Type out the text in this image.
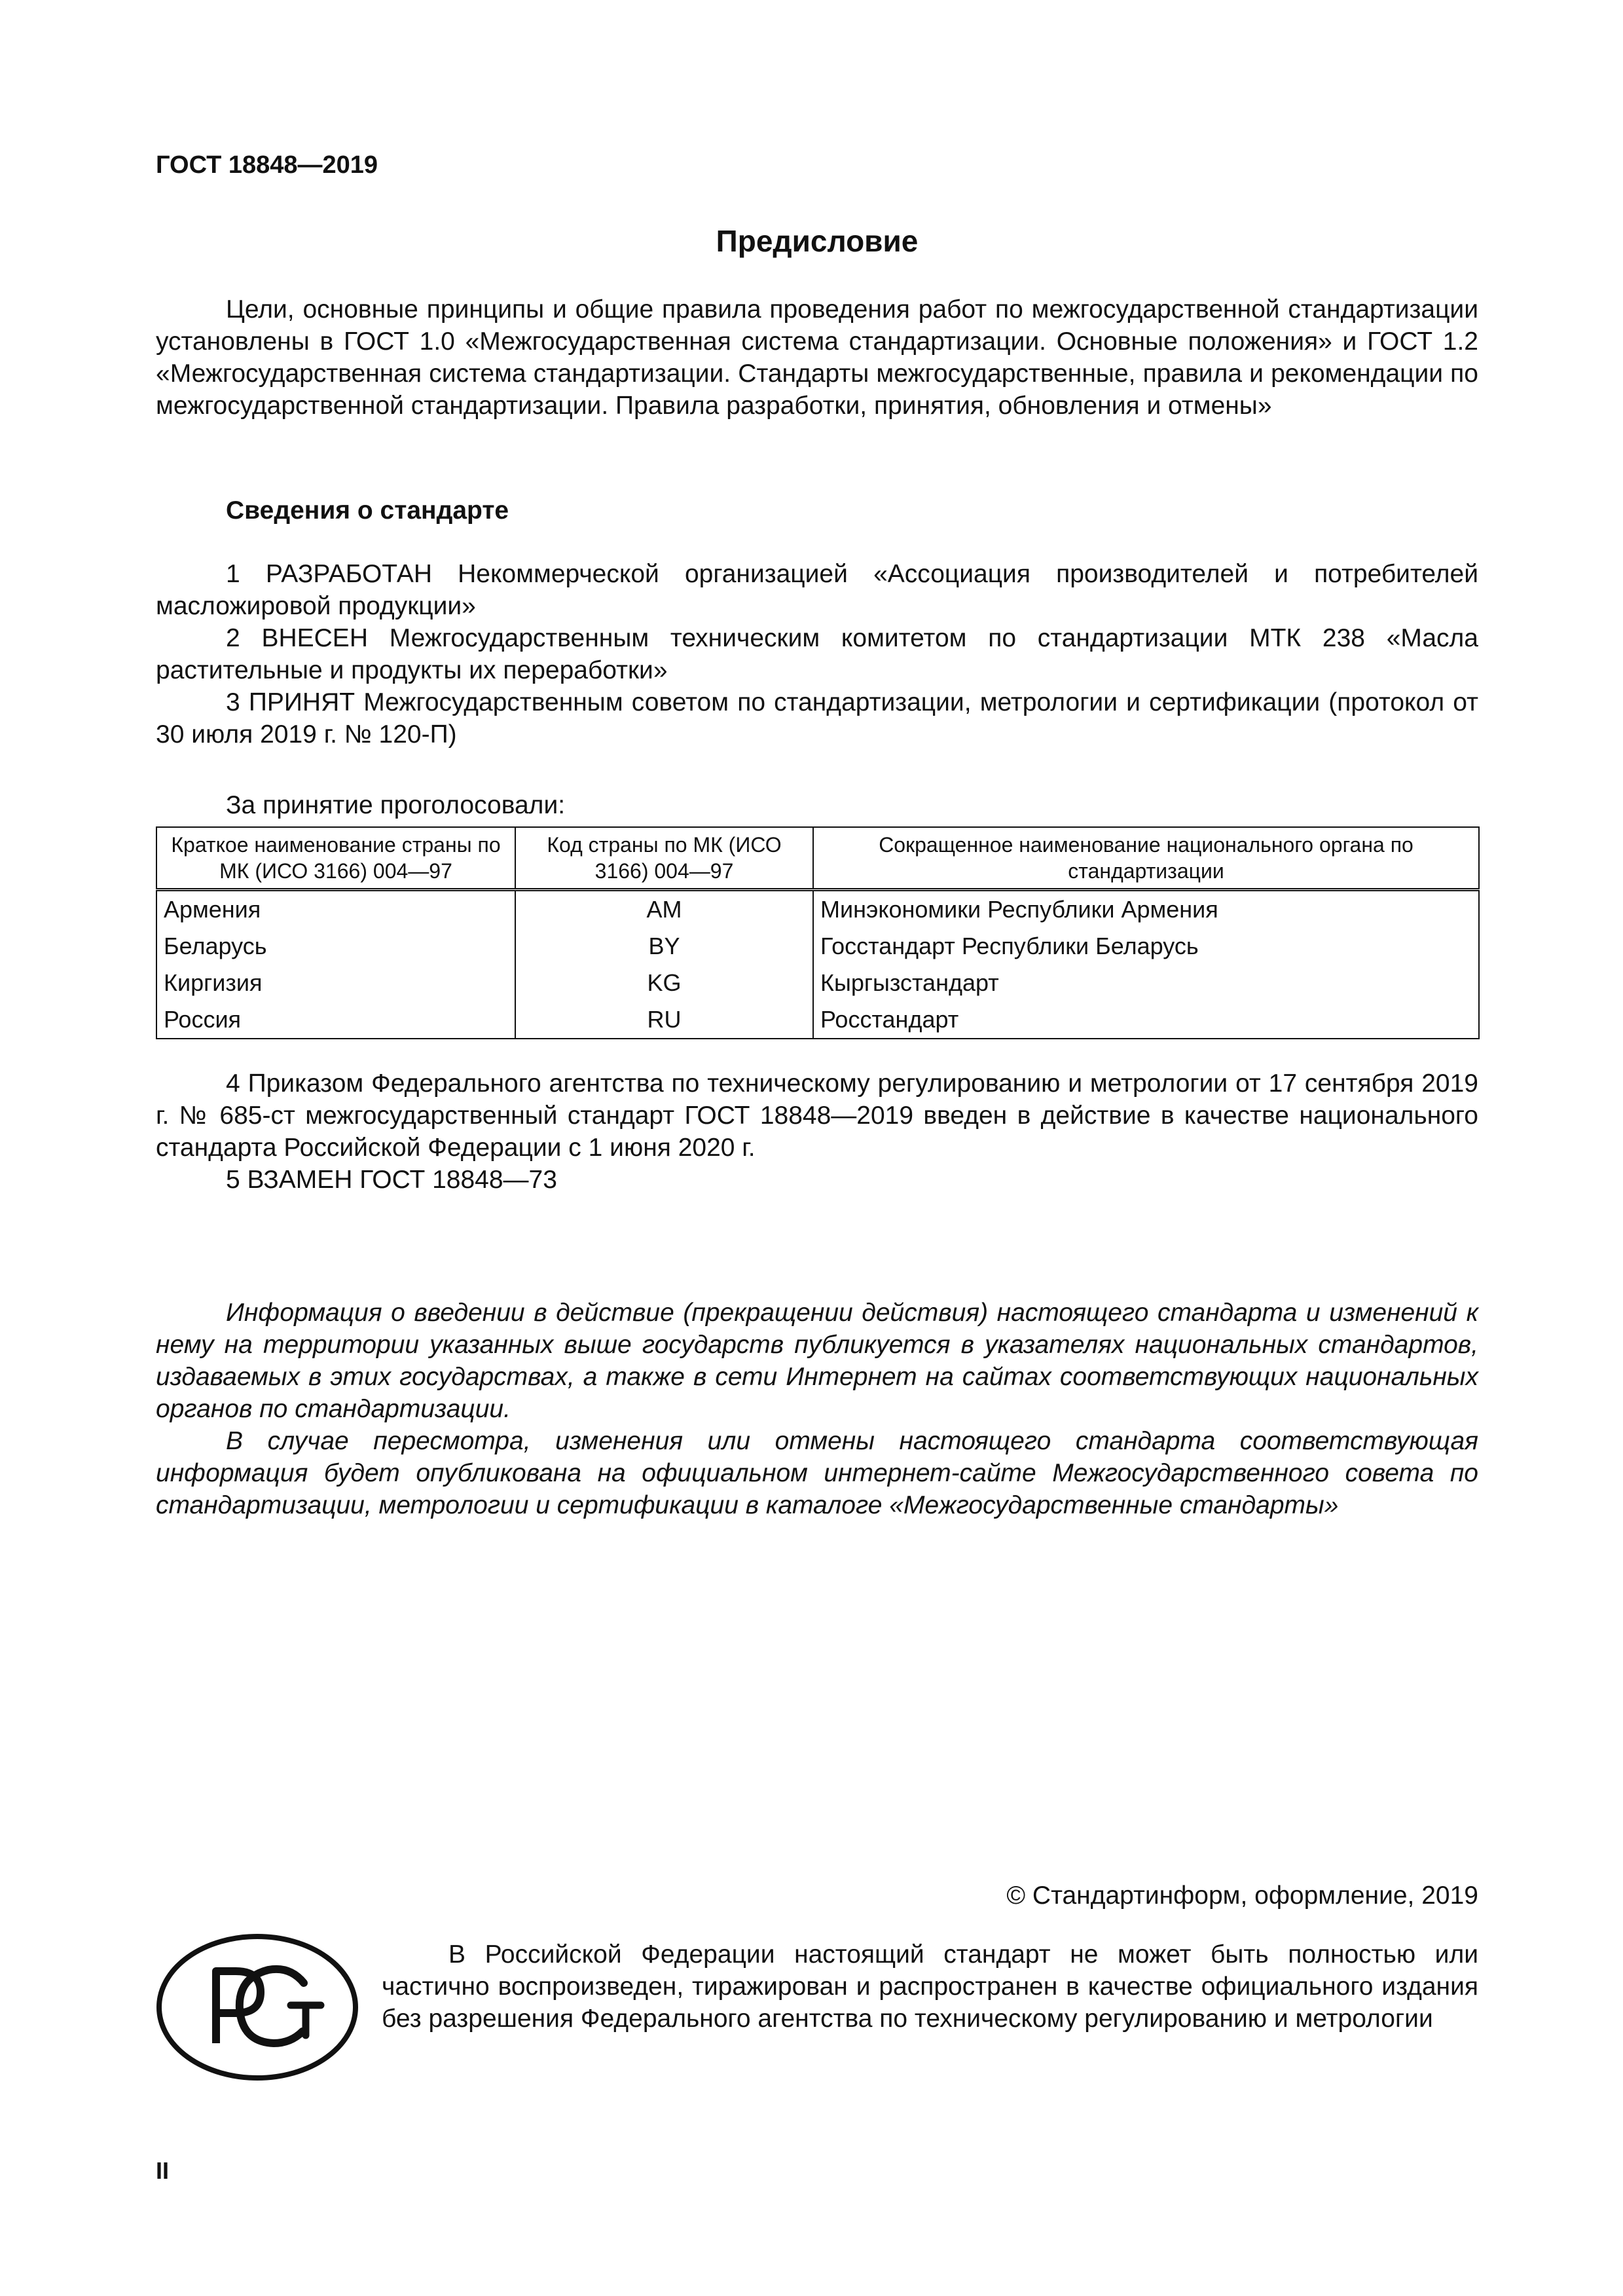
ГОСТ 18848—2019
Предисловие

Цели, основные принципы и общие правила проведения работ по межгосударственной стандартизации установлены в ГОСТ 1.0 «Межгосударственная система стандартизации. Основные положения» и ГОСТ 1.2 «Межгосударственная система стандартизации. Стандарты межгосударственные, правила и рекомендации по межгосударственной стандартизации. Правила разработки, принятия, обновления и отмены»

Сведения о стандарте

1 РАЗРАБОТАН Некоммерческой организацией «Ассоциация производителей и потребителей масложировой продукции»

2 ВНЕСЕН Межгосударственным техническим комитетом по стандартизации МТК 238 «Масла растительные и продукты их переработки»

3 ПРИНЯТ Межгосударственным советом по стандартизации, метрологии и сертификации (протокол от 30 июля 2019 г. № 120-П)

За принятие проголосовали:

Краткое наименование страны по МК (ИСО 3166) 004—97	Код страны по МК (ИСО 3166) 004—97	Сокращенное наименование национального органа по стандартизации
Армения	AM	Минэкономики Республики Армения
Беларусь	BY	Госстандарт Республики Беларусь
Киргизия	KG	Кыргызстандарт
Россия	RU	Росстандарт

4 Приказом Федерального агентства по техническому регулированию и метрологии от 17 сентября 2019 г. № 685-ст межгосударственный стандарт ГОСТ 18848—2019 введен в действие в качестве национального стандарта Российской Федерации с 1 июня 2020 г.

5 ВЗАМЕН ГОСТ 18848—73

Информация о введении в действие (прекращении действия) настоящего стандарта и изменений к нему на территории указанных выше государств публикуется в указателях национальных стандартов, издаваемых в этих государствах, а также в сети Интернет на сайтах соответствующих национальных органов по стандартизации.

В случае пересмотра, изменения или отмены настоящего стандарта соответствующая информация будет опубликована на официальном интернет-сайте Межгосударственного совета по стандартизации, метрологии и сертификации в каталоге «Межгосударственные стандарты»

© Стандартинформ, оформление, 2019

В Российской Федерации настоящий стандарт не может быть полностью или частично воспроизведен, тиражирован и распространен в качестве официального издания без разрешения Федерального агентства по техническому регулированию и метрологии

II
